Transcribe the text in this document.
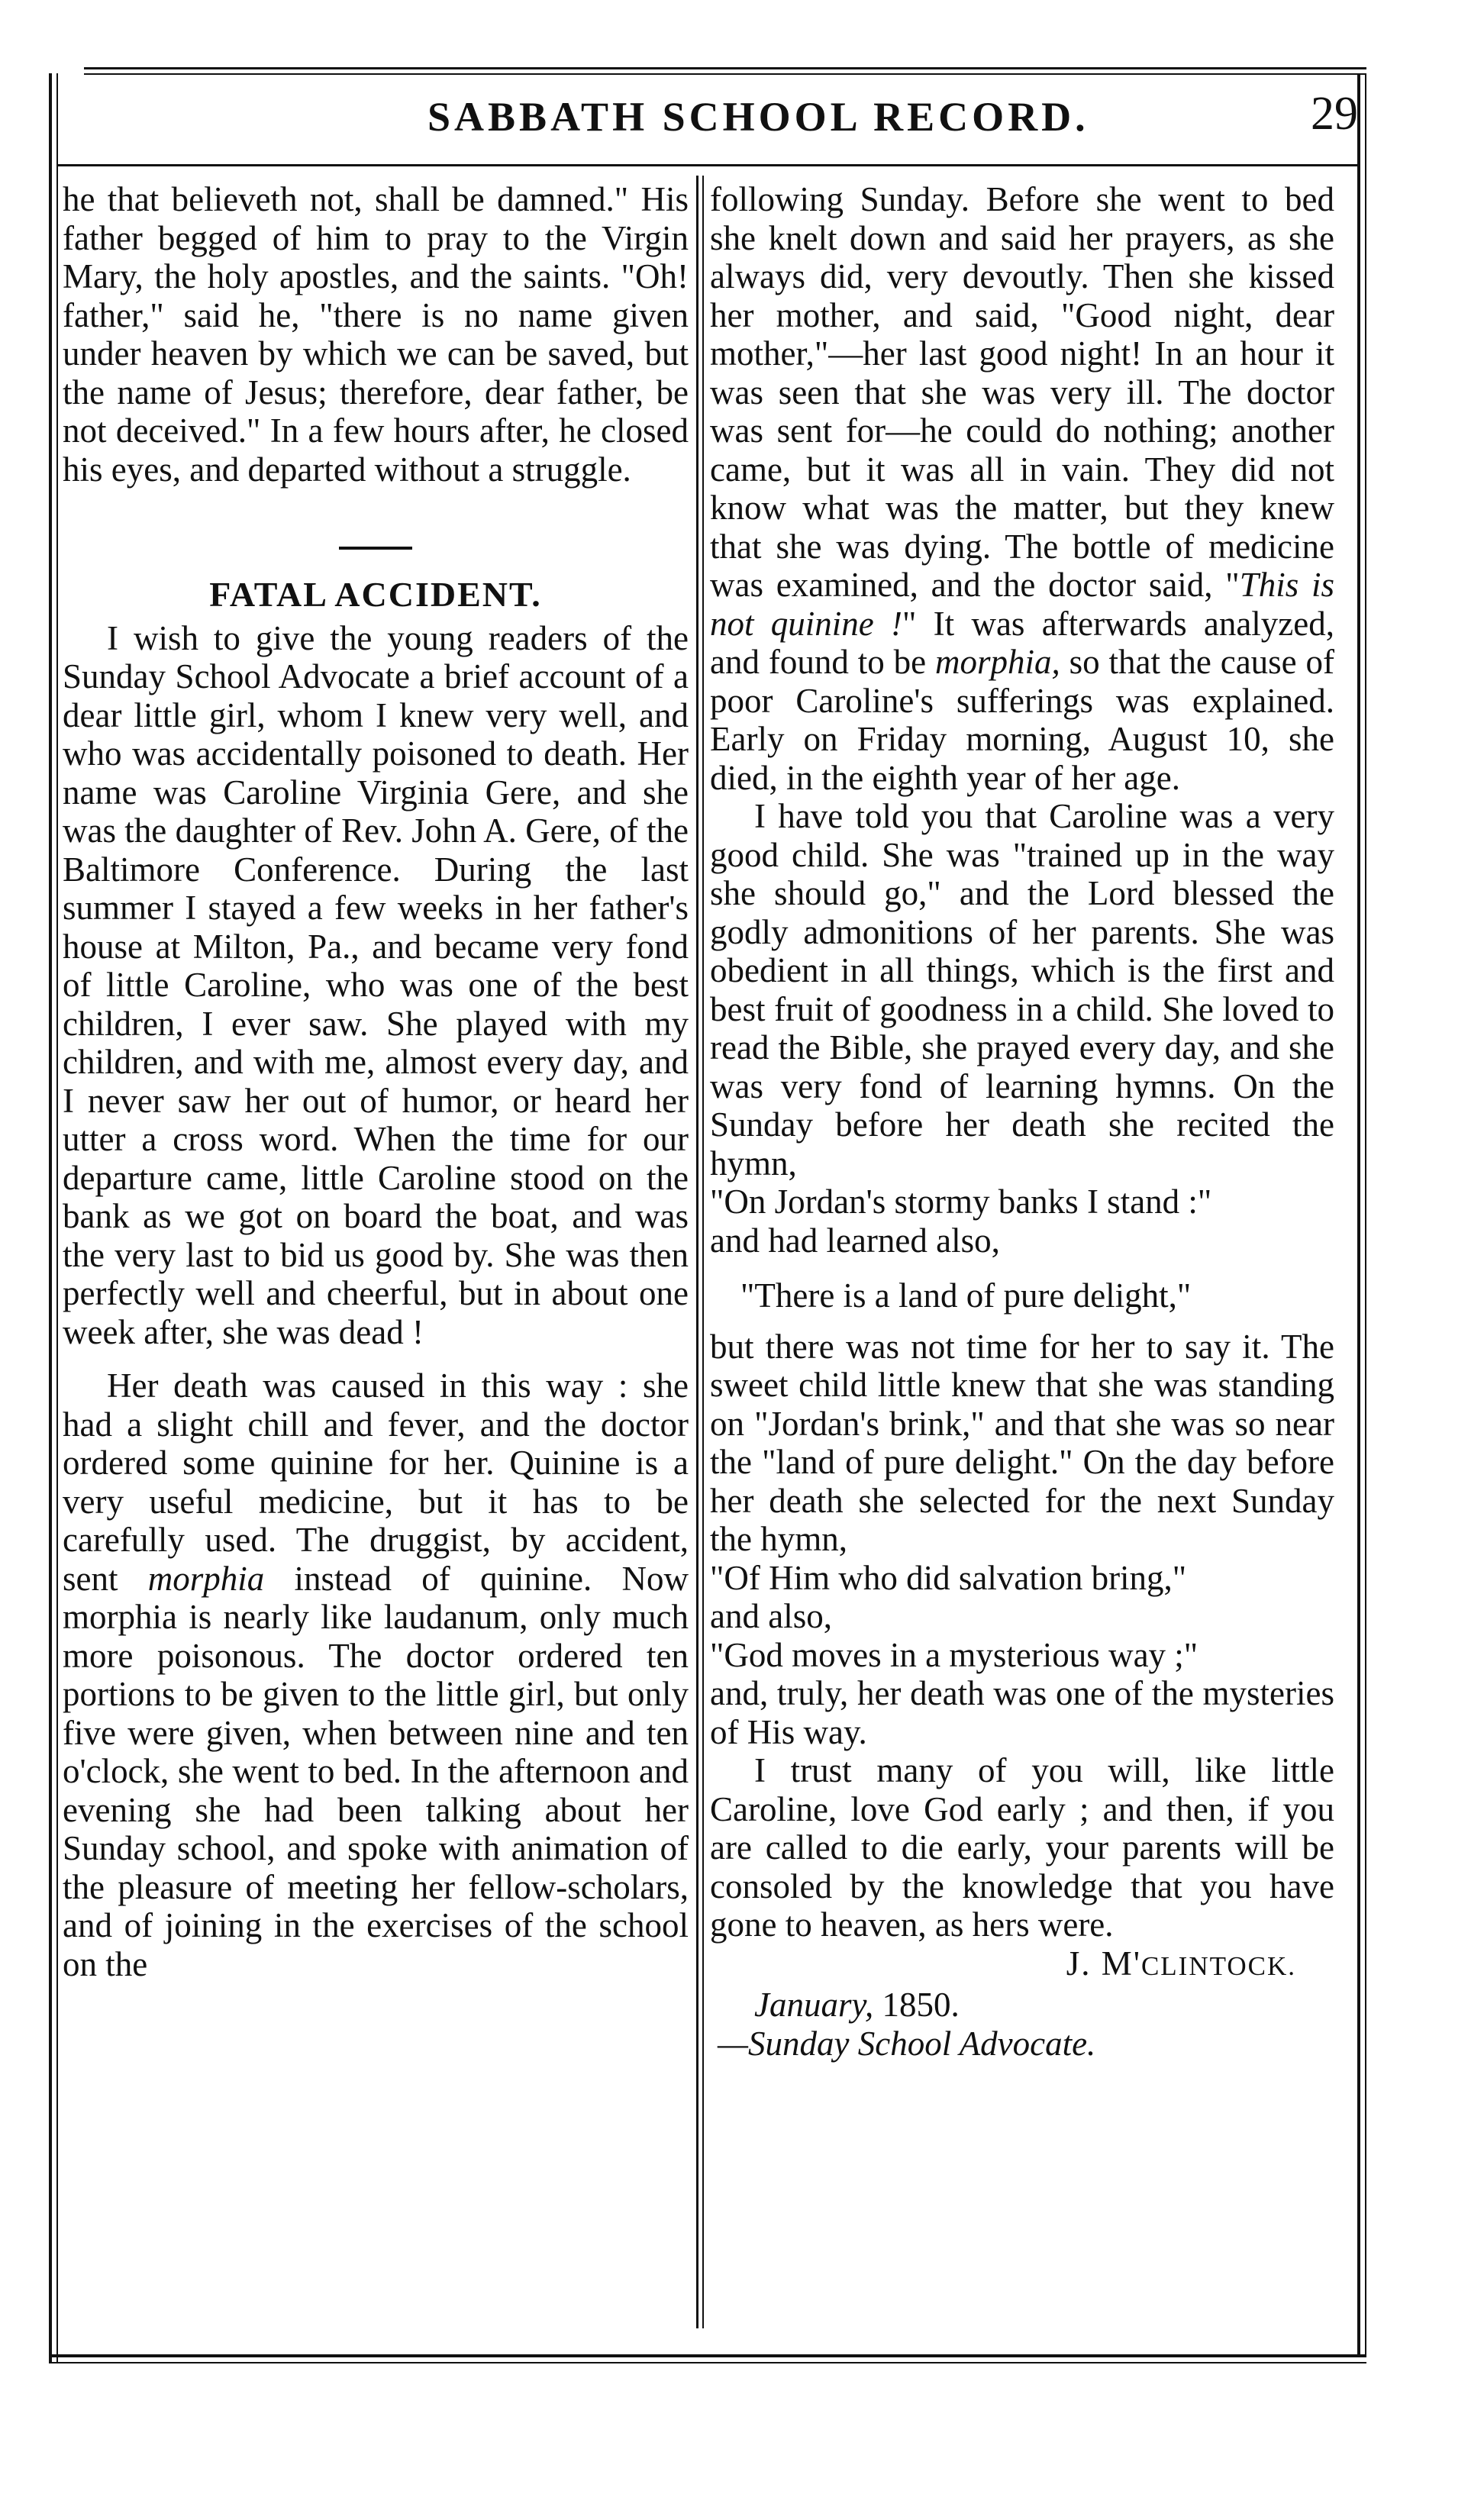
SABBATH SCHOOL RECORD.	29

he that believeth not, shall be damned." His father begged of him to pray to the Virgin Mary, the holy apostles, and the saints. "Oh! father," said he, "there is no name given under heaven by which we can be saved, but the name of Jesus; therefore, dear father, be not deceived." In a few hours after, he closed his eyes, and departed without a struggle.

FATAL ACCIDENT.

I wish to give the young readers of the Sunday School Advocate a brief account of a dear little girl, whom I knew very well, and who was accidentally poisoned to death. Her name was Caroline Virginia Gere, and she was the daughter of Rev. John A. Gere, of the Baltimore Conference. During the last summer I stayed a few weeks in her father's house at Milton, Pa., and became very fond of little Caroline, who was one of the best children, I ever saw. She played with my children, and with me, almost every day, and I never saw her out of humor, or heard her utter a cross word. When the time for our departure came, little Caroline stood on the bank as we got on board the boat, and was the very last to bid us good by. She was then perfectly well and cheerful, but in about one week after, she was dead !

Her death was caused in this way : she had a slight chill and fever, and the doctor ordered some quinine for her. Quinine is a very useful medicine, but it has to be carefully used. The druggist, by accident, sent morphia instead of quinine. Now morphia is nearly like laudanum, only much more poisonous. The doctor ordered ten portions to be given to the little girl, but only five were given, when between nine and ten o'clock, she went to bed. In the afternoon and evening she had been talking about her Sunday school, and spoke with animation of the pleasure of meeting her fellow-scholars, and of joining in the exercises of the school on the

following Sunday. Before she went to bed she knelt down and said her prayers, as she always did, very devoutly. Then she kissed her mother, and said, "Good night, dear mother,"—her last good night! In an hour it was seen that she was very ill. The doctor was sent for—he could do nothing; another came, but it was all in vain. They did not know what was the matter, but they knew that she was dying. The bottle of medicine was examined, and the doctor said, "This is not quinine !" It was afterwards analyzed, and found to be morphia, so that the cause of poor Caroline's sufferings was explained. Early on Friday morning, August 10, she died, in the eighth year of her age.

I have told you that Caroline was a very good child. She was "trained up in the way she should go," and the Lord blessed the godly admonitions of her parents. She was obedient in all things, which is the first and best fruit of goodness in a child. She loved to read the Bible, she prayed every day, and she was very fond of learning hymns. On the Sunday before her death she recited the hymn,

"On Jordan's stormy banks I stand :"

and had learned also,

"There is a land of pure delight,"

but there was not time for her to say it. The sweet child little knew that she was standing on "Jordan's brink," and that she was so near the "land of pure delight." On the day before her death she selected for the next Sunday the hymn,

"Of Him who did salvation bring,"

and also,

"God moves in a mysterious way ;"

and, truly, her death was one of the mysteries of His way.

I trust many of you will, like little Caroline, love God early ; and then, if you are called to die early, your parents will be consoled by the knowledge that you have gone to heaven, as hers were.

J. M'CLINTOCK.

January, 1850.

—Sunday School Advocate.
